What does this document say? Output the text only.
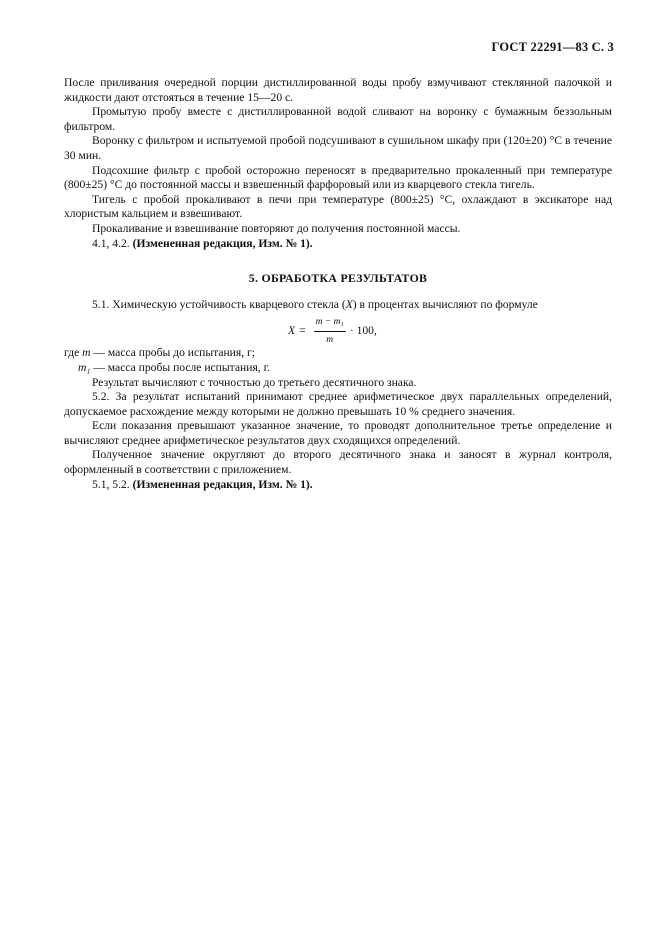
ГОСТ 22291—83 С. 3

После приливания очередной порции дистиллированной воды пробу взмучивают стеклянной палочкой и жидкости дают отстояться в течение 15—20 с.

Промытую пробу вместе с дистиллированной водой сливают на воронку с бумажным беззольным фильтром.

Воронку с фильтром и испытуемой пробой подсушивают в сушильном шкафу при (120±20) °С в течение 30 мин.

Подсохшие фильтр с пробой осторожно переносят в предварительно прокаленный при температуре (800±25) °С до постоянной массы и взвешенный фарфоровый или из кварцевого стекла тигель.

Тигель с пробой прокаливают в печи при температуре (800±25) °С, охлаждают в эксикаторе над хлористым кальцием и взвешивают.

Прокаливание и взвешивание повторяют до получения постоянной массы.

4.1, 4.2. (Измененная редакция, Изм. № 1).

5. ОБРАБОТКА РЕЗУЛЬТАТОВ

5.1. Химическую устойчивость кварцевого стекла (X) в процентах вычисляют по формуле

$X = \frac{\text{m − m₁}}{m} \cdot 100$,

где m — масса пробы до испытания, г;

m₁ — масса пробы после испытания, г.

Результат вычисляют с точностью до третьего десятичного знака.

5.2. За результат испытаний принимают среднее арифметическое двух параллельных определений, допускаемое расхождение между которыми не должно превышать 10 % среднего значения.

Если показания превышают указанное значение, то проводят дополнительное третье определение и вычисляют среднее арифметическое результатов двух сходящихся определений.

Полученное значение округляют до второго десятичного знака и заносят в журнал контроля, оформленный в соответствии с приложением.

5.1, 5.2. (Измененная редакция, Изм. № 1).
